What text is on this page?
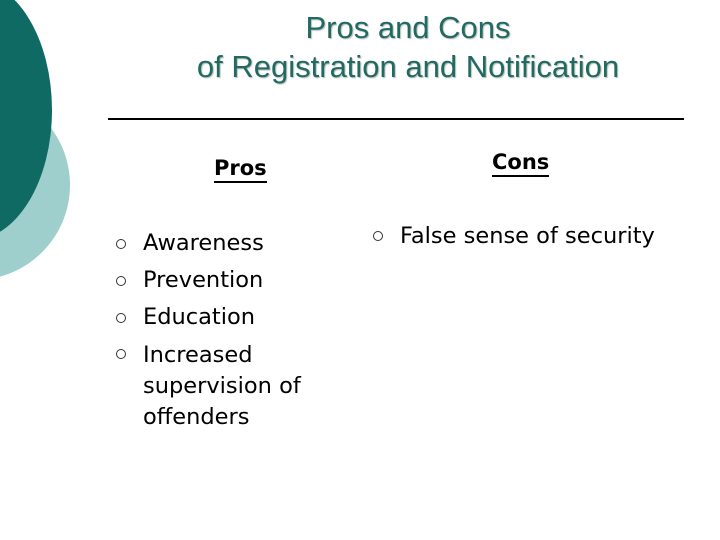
Pros and Cons
of Registration and Notification
Pros	Cons
Awareness
Prevention
Education
Increased supervision of offenders
False sense of security
